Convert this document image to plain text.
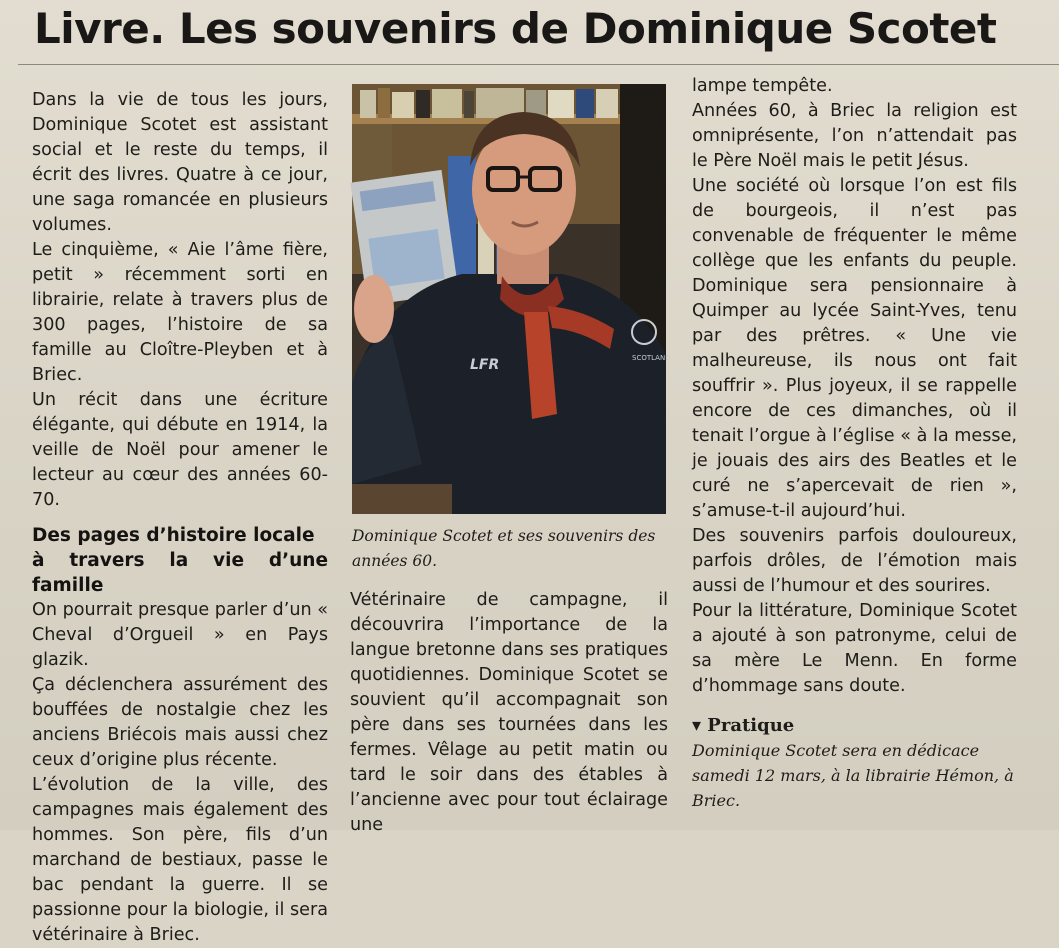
Livre. Les souvenirs de Dominique Scotet

Dans la vie de tous les jours, Dominique Scotet est assistant social et le reste du temps, il écrit des livres. Quatre à ce jour, une saga romancée en plusieurs volumes.

Le cinquième, « Aie l’âme fière, petit » récemment sorti en librairie, relate à travers plus de 300 pages, l’histoire de sa famille au Cloître-Pleyben et à Briec.

Un récit dans une écriture élégante, qui débute en 1914, la veille de Noël pour amener le lecteur au cœur des années 60-70.

Des pages d’histoire locale
à travers la vie d’une famille

On pourrait presque parler d’un « Cheval d’Orgueil » en Pays glazik.

Ça déclenchera assurément des bouffées de nostalgie chez les anciens Briécois mais aussi chez ceux d’origine plus récente.

L’évolution de la ville, des campagnes mais également des hommes. Son père, fils d’un marchand de bestiaux, passe le bac pendant la guerre. Il se passionne pour la biologie, il sera vétérinaire à Briec.

LFR	SCOTLAND
Dominique Scotet et ses souvenirs des années 60.

Vétérinaire de campagne, il découvrira l’importance de la langue bretonne dans ses pratiques quotidiennes. Dominique Scotet se souvient qu’il accompagnait son père dans ses tournées dans les fermes. Vêlage au petit matin ou tard le soir dans des étables à l’ancienne avec pour tout éclairage une

lampe tempête.

Années 60, à Briec la religion est omniprésente, l’on n’attendait pas le Père Noël mais le petit Jésus.

Une société où lorsque l’on est fils de bourgeois, il n’est pas convenable de fréquenter le même collège que les enfants du peuple. Dominique sera pensionnaire à Quimper au lycée Saint-Yves, tenu par des prêtres. « Une vie malheureuse, ils nous ont fait souffrir ». Plus joyeux, il se rappelle encore de ces dimanches, où il tenait l’orgue à l’église « à la messe, je jouais des airs des Beatles et le curé ne s’apercevait de rien », s’amuse-t-il aujourd’hui.

Des souvenirs parfois douloureux, parfois drôles, de l’émotion mais aussi de l’humour et des sourires.

Pour la littérature, Dominique Scotet a ajouté à son patronyme, celui de sa mère Le Menn. En forme d’hommage sans doute.

▾ Pratique
Dominique Scotet sera en dédicace samedi 12 mars, à la librairie Hémon, à Briec.
